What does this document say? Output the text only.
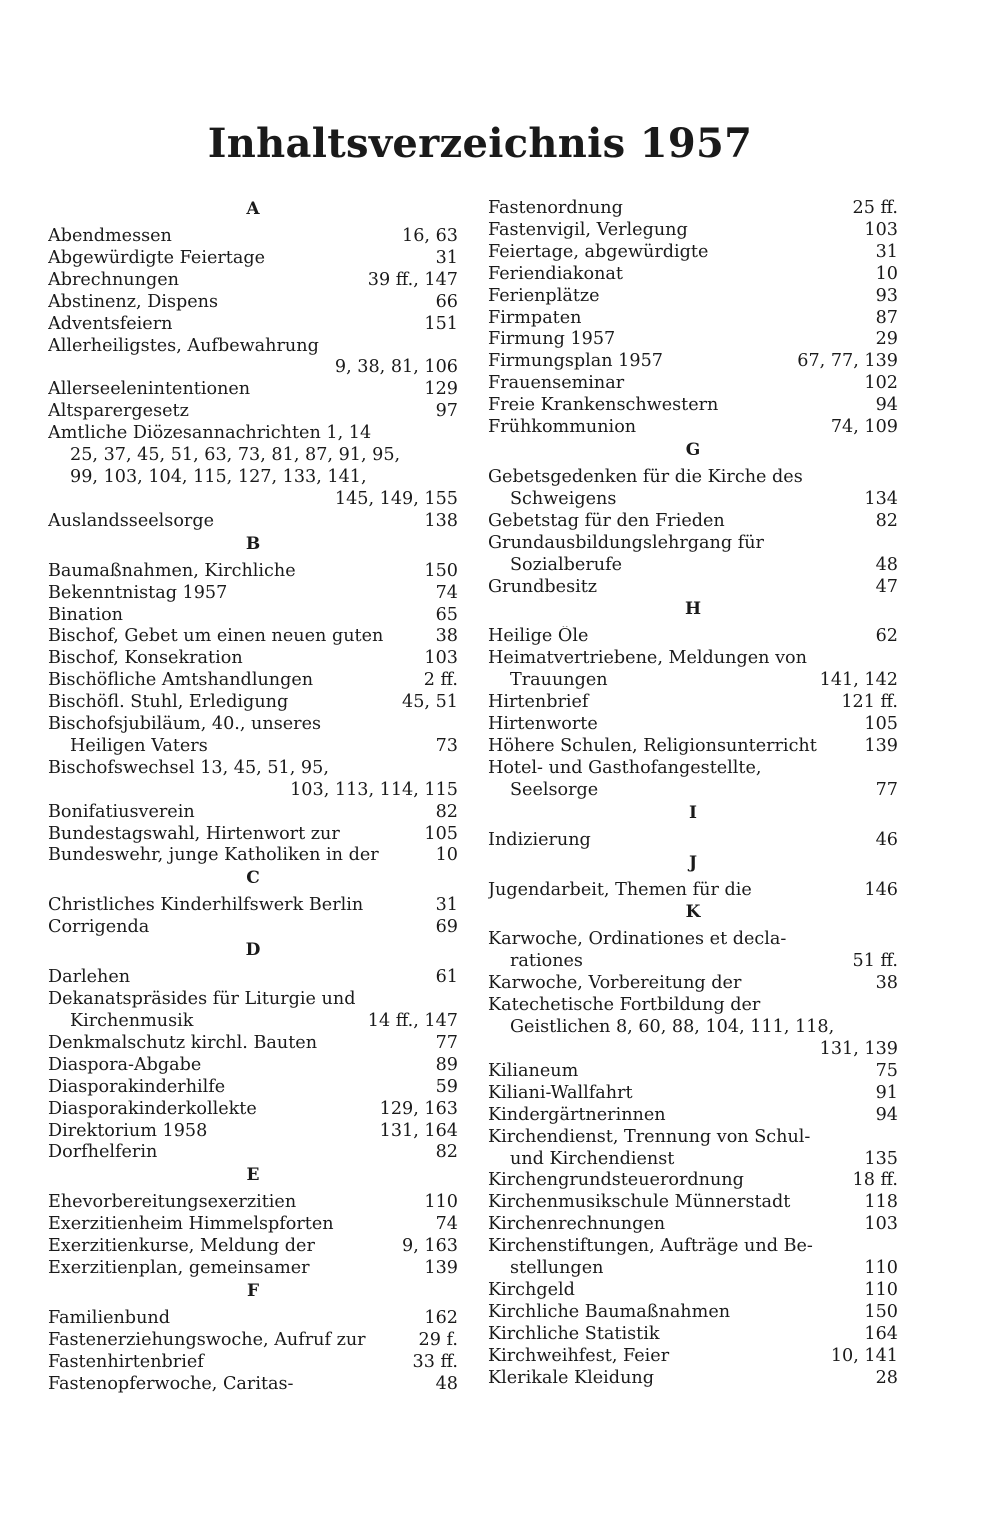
Inhaltsverzeichnis 1957
A
Abendmessen	16, 63
Abgewürdigte Feiertage	31
Abrechnungen	39 ff., 147
Abstinenz, Dispens	66
Adventsfeiern	151
Allerheiligstes, Aufbewahrung
9, 38, 81, 106
Allerseelenintentionen	129
Altsparergesetz	97
Amtliche Diözesannachrichten 1, 14
25, 37, 45, 51, 63, 73, 81, 87, 91, 95,
99, 103, 104, 115, 127, 133, 141,
145, 149, 155
Auslandsseelsorge	138
B
Baumaßnahmen, Kirchliche	150
Bekenntnistag 1957	74
Bination	65
Bischof, Gebet um einen neuen guten	38
Bischof, Konsekration	103
Bischöfliche Amtshandlungen	2 ff.
Bischöfl. Stuhl, Erledigung	45, 51
Bischofsjubiläum, 40., unseres
Heiligen Vaters	73
Bischofswechsel 13, 45, 51, 95,
103, 113, 114, 115
Bonifatiusverein	82
Bundestagswahl, Hirtenwort zur	105
Bundeswehr, junge Katholiken in der	10
C
Christliches Kinderhilfswerk Berlin	31
Corrigenda	69
D
Darlehen	61
Dekanatspräsides für Liturgie und
Kirchenmusik	14 ff., 147
Denkmalschutz kirchl. Bauten	77
Diaspora-Abgabe	89
Diasporakinderhilfe	59
Diasporakinderkollekte	129, 163
Direktorium 1958	131, 164
Dorfhelferin	82
E
Ehevorbereitungsexerzitien	110
Exerzitienheim Himmelspforten	74
Exerzitienkurse, Meldung der	9, 163
Exerzitienplan, gemeinsamer	139
F
Familienbund	162
Fastenerziehungswoche, Aufruf zur	29 f.
Fastenhirtenbrief	33 ff.
Fastenopferwoche, Caritas-	48
Fastenordnung	25 ff.
Fastenvigil, Verlegung	103
Feiertage, abgewürdigte	31
Feriendiakonat	10
Ferienplätze	93
Firmpaten	87
Firmung 1957	29
Firmungsplan 1957	67, 77, 139
Frauenseminar	102
Freie Krankenschwestern	94
Frühkommunion	74, 109
G
Gebetsgedenken für die Kirche des
Schweigens	134
Gebetstag für den Frieden	82
Grundausbildungslehrgang für
Sozialberufe	48
Grundbesitz	47
H
Heilige Öle	62
Heimatvertriebene, Meldungen von
Trauungen	141, 142
Hirtenbrief	121 ff.
Hirtenworte	105
Höhere Schulen, Religionsunterricht	139
Hotel- und Gasthofangestellte,
Seelsorge	77
I
Indizierung	46
J
Jugendarbeit, Themen für die	146
K
Karwoche, Ordinationes et decla-
rationes	51 ff.
Karwoche, Vorbereitung der	38
Katechetische Fortbildung der
Geistlichen 8, 60, 88, 104, 111, 118,
131, 139
Kilianeum	75
Kiliani-Wallfahrt	91
Kindergärtnerinnen	94
Kirchendienst, Trennung von Schul-
und Kirchendienst	135
Kirchengrundsteuerordnung	18 ff.
Kirchenmusikschule Münnerstadt	118
Kirchenrechnungen	103
Kirchenstiftungen, Aufträge und Be-
stellungen	110
Kirchgeld	110
Kirchliche Baumaßnahmen	150
Kirchliche Statistik	164
Kirchweihfest, Feier	10, 141
Klerikale Kleidung	28
